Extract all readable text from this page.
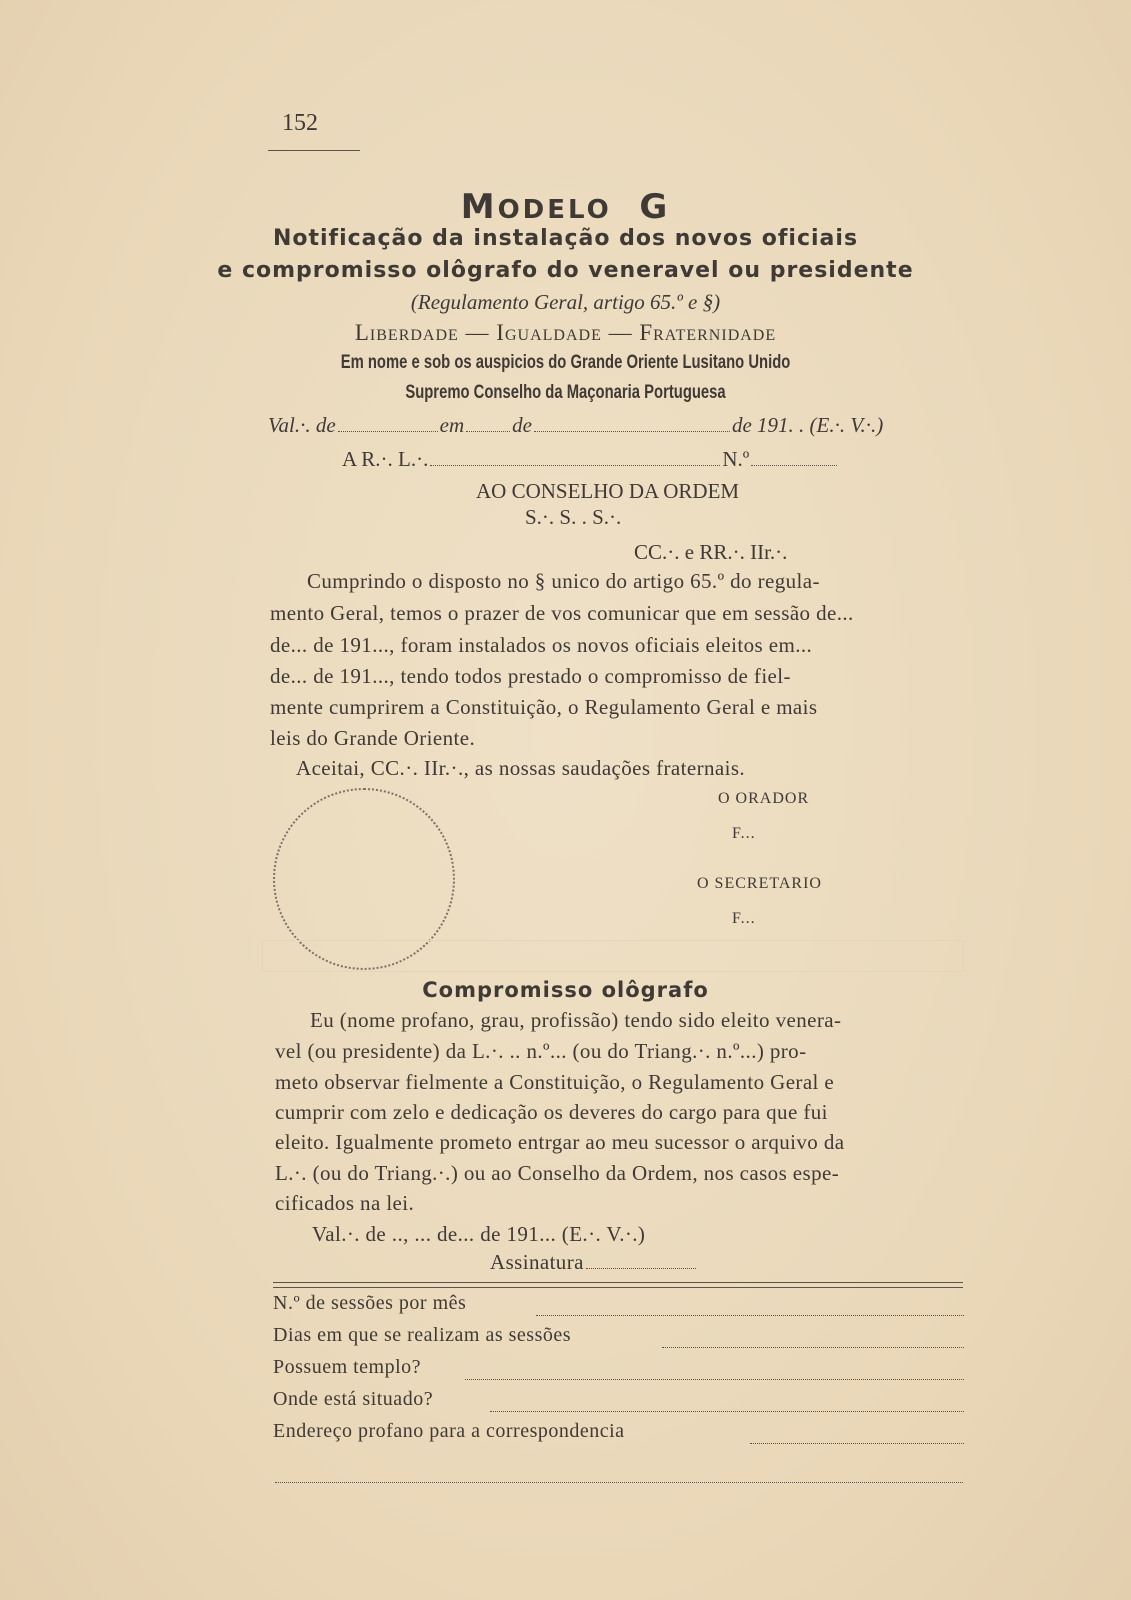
152
MODELO G
Notificação da instalação dos novos oficiais
e compromisso olôgrafo do veneravel ou presidente
(Regulamento Geral, artigo 65.º e §)
Liberdade — Igualdade — Fraternidade
Em nome e sob os auspicios do Grande Oriente Lusitano Unido
Supremo Conselho da Maçonaria Portuguesa
Val.·. de	em de	de 191. . (E.·. V.·.)
A R.·. L.·.	N.º
AO CONSELHO DA ORDEM
S.·. S. . S.·.
CC.·. e RR.·. IIr.·.
Cumprindo o disposto no § unico do artigo 65.º do regula-
mento Geral, temos o prazer de vos comunicar que em sessão de...
de... de 191..., foram instalados os novos oficiais eleitos em...
de... de 191..., tendo todos prestado o compromisso de fiel-
mente cumprirem a Constituição, o Regulamento Geral e mais
leis do Grande Oriente.
Aceitai, CC.·. IIr.·., as nossas saudações fraternais.
O ORADOR
F...
O SECRETARIO
F...
Compromisso olôgrafo
Eu (nome profano, grau, profissão) tendo sido eleito venera-
vel (ou presidente) da L.·. .. n.º... (ou do Triang.·. n.º...) pro-
meto observar fielmente a Constituição, o Regulamento Geral e
cumprir com zelo e dedicação os deveres do cargo para que fui
eleito. Igualmente prometo entrgar ao meu sucessor o arquivo da
L.·. (ou do Triang.·.) ou ao Conselho da Ordem, nos casos espe-
cificados na lei.
Val.·. de .., ... de... de 191... (E.·. V.·.)
Assinatura
N.º de sessões por mês
Dias em que se realizam as sessões
Possuem templo?
Onde está situado?
Endereço profano para a correspondencia
